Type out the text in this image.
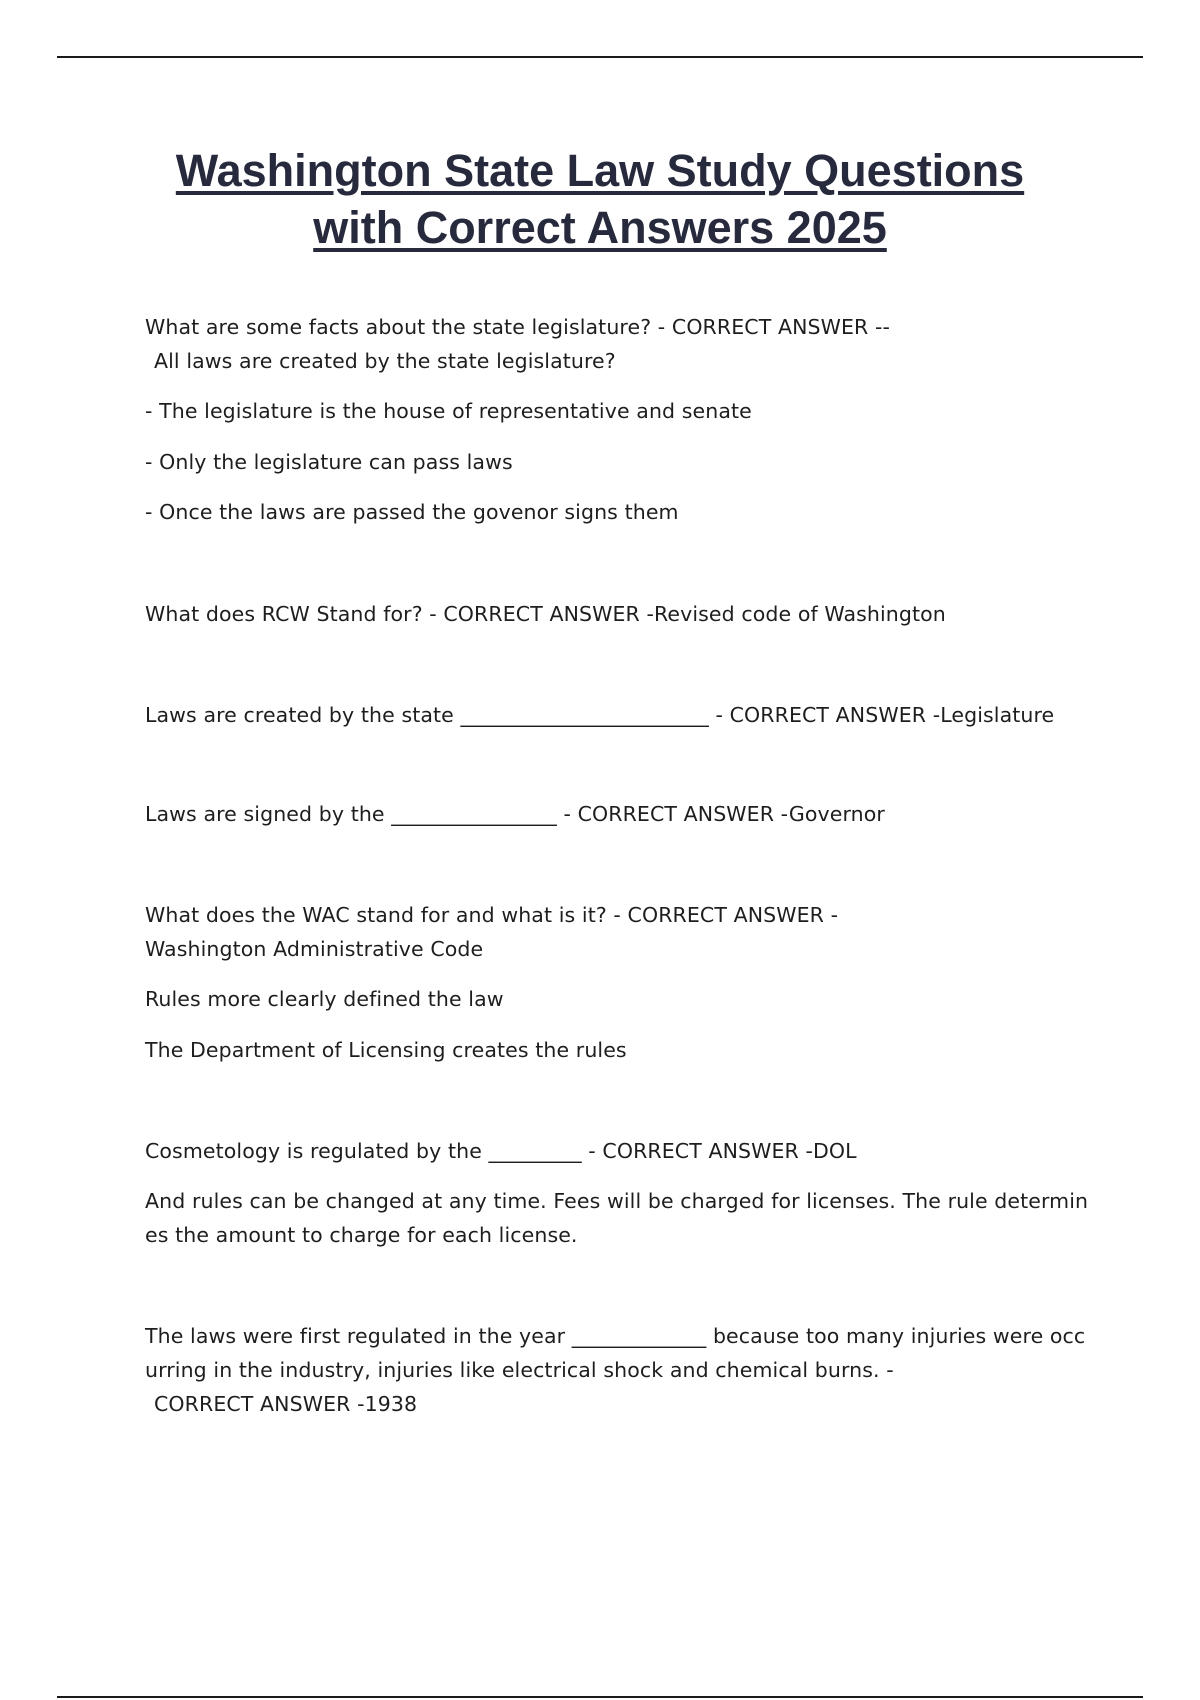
Washington State Law Study Questions
with Correct Answers 2025

What are some facts about the state legislature? - CORRECT ANSWER --

All laws are created by the state legislature?

- The legislature is the house of representative and senate

- Only the legislature can pass laws

- Once the laws are passed the govenor signs them

What does RCW Stand for? - CORRECT ANSWER -Revised code of Washington

Laws are created by the state ________________________ - CORRECT ANSWER -Legislature

Laws are signed by the ________________ - CORRECT ANSWER -Governor

What does the WAC stand for and what is it? - CORRECT ANSWER -

Washington Administrative Code

Rules more clearly defined the law

The Department of Licensing creates the rules

Cosmetology is regulated by the _________ - CORRECT ANSWER -DOL

And rules can be changed at any time. Fees will be charged for licenses. The rule determin

es the amount to charge for each license.

The laws were first regulated in the year _____________ because too many injuries were occ

urring in the industry, injuries like electrical shock and chemical burns. -

CORRECT ANSWER -1938
